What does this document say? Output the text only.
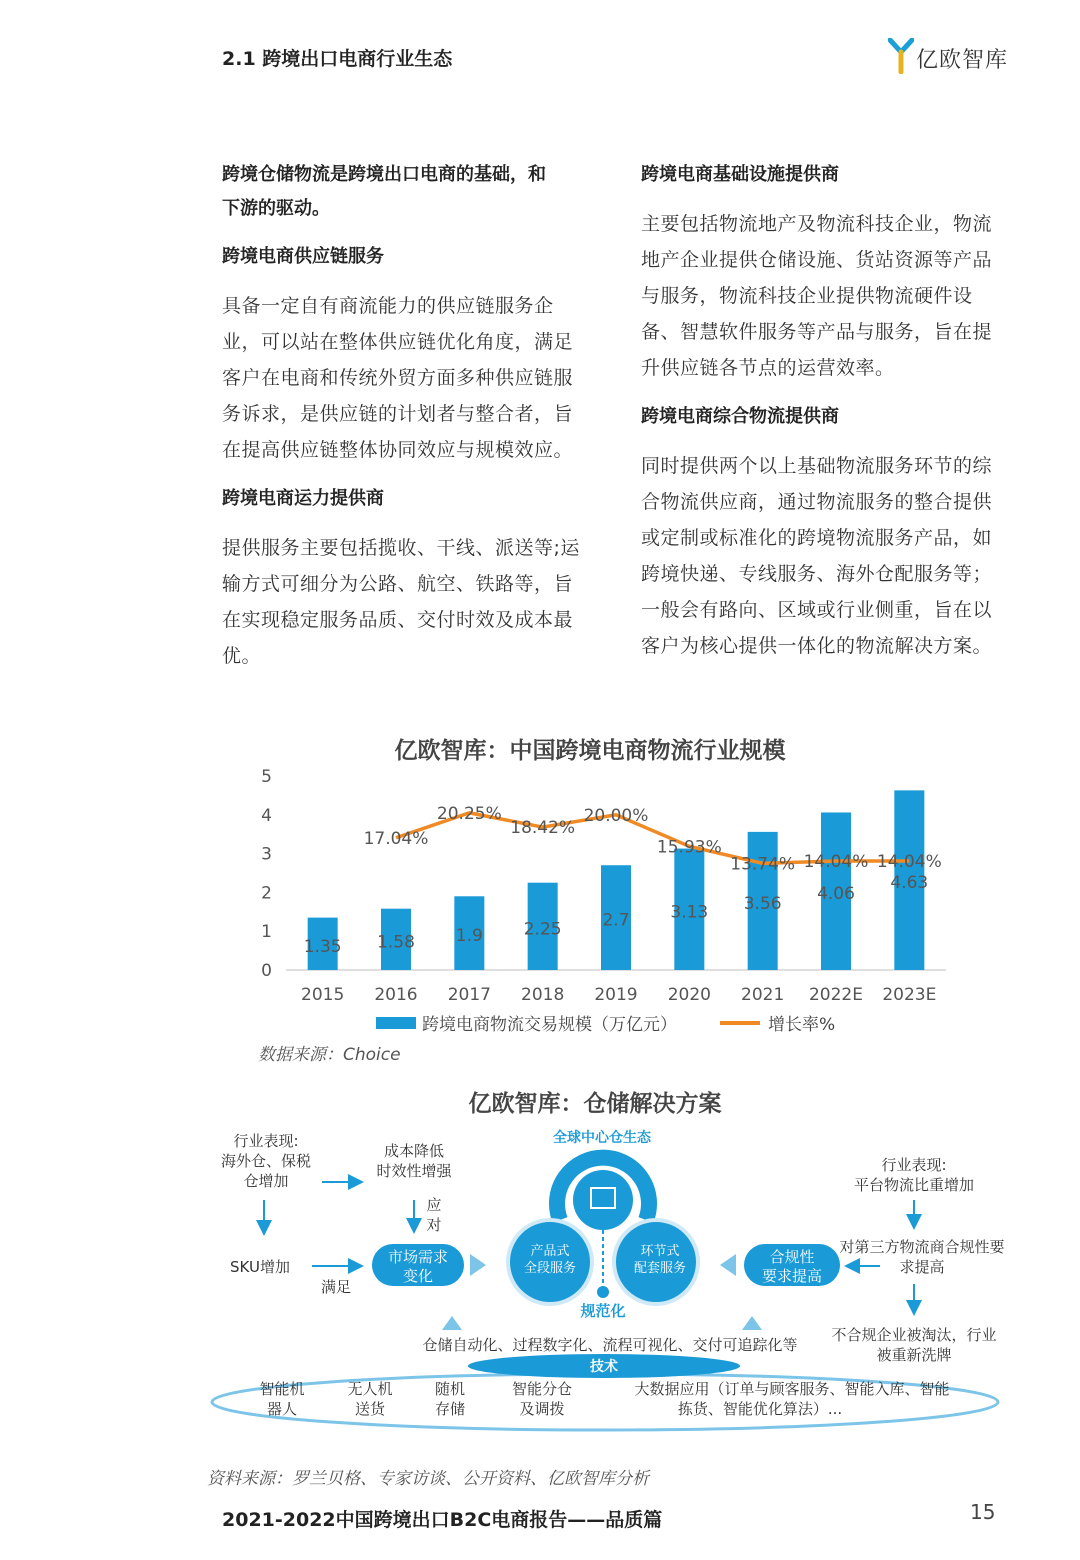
2.1 跨境出口电商行业生态	亿欧智库
跨境仓储物流是跨境出口电商的基础，和下游的驱动。
跨境电商供应链服务
具备一定自有商流能力的供应链服务企业，可以站在整体供应链优化角度，满足客户在电商和传统外贸方面多种供应链服务诉求，是供应链的计划者与整合者，旨在提高供应链整体协同效应与规模效应。
跨境电商运力提供商
提供服务主要包括揽收、干线、派送等;运输方式可细分为公路、航空、铁路等，旨在实现稳定服务品质、交付时效及成本最优。
跨境电商基础设施提供商
主要包括物流地产及物流科技企业，物流地产企业提供仓储设施、货站资源等产品与服务，物流科技企业提供物流硬件设备、智慧软件服务等产品与服务，旨在提升供应链各节点的运营效率。
跨境电商综合物流提供商
同时提供两个以上基础物流服务环节的综合物流供应商，通过物流服务的整合提供或定制或标准化的跨境物流服务产品，如跨境快递、专线服务、海外仓配服务等；一般会有路向、区域或行业侧重，旨在以客户为核心提供一体化的物流解决方案。
亿欧智库：中国跨境电商物流行业规模
0
1
2
3
4
5
1.35 1.58 1.9 2.25 2.7 3.13 3.56 4.06
4.63
17.04%
20.25%
18.42%
20.00%
15.93%
13.74% 14.04% 14.04%
2015 2016 2017 2018 2019 2020 2021 2022E 2023E
跨境电商物流交易规模（万亿元）	增长率%
数据来源：Choice
亿欧智库：仓储解决方案
行业表现:
海外仓、保税
仓增加
SKU增加
满足
成本降低
时效性增强
应
对
市场需求
变化
全球中心仓生态
产品式
全段服务
环节式
配套服务
规范化
合规性
要求提高
行业表现:
平台物流比重增加
对第三方物流商合规性要
求提高
不合规企业被淘汰，行业
被重新洗牌
仓储自动化、过程数字化、流程可视化、交付可追踪化等
技术
智能机
器人
无人机
送货
随机
存储
智能分仓
及调拨
大数据应用（订单与顾客服务、智能入库、智能
拣货、智能优化算法）...
资料来源：罗兰贝格、专家访谈、公开资料、亿欧智库分析
2021-2022中国跨境出口B2C电商报告——品质篇	15
